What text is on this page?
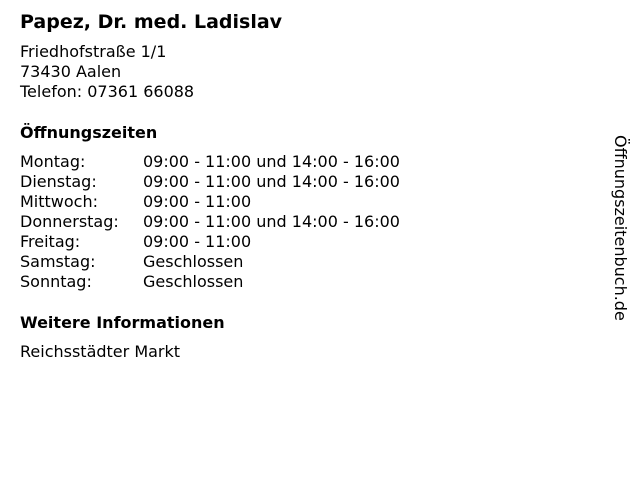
Papez, Dr. med. Ladislav
Friedhofstraße 1/1
73430 Aalen
Telefon: 07361 66088
Öffnungszeiten
Montag:	09:00 - 11:00 und 14:00 - 16:00
Dienstag:	09:00 - 11:00 und 14:00 - 16:00
Mittwoch:	09:00 - 11:00
Donnerstag:	09:00 - 11:00 und 14:00 - 16:00
Freitag:	09:00 - 11:00
Samstag:	Geschlossen
Sonntag:	Geschlossen
Weitere Informationen
Reichsstädter Markt
Öffnungszeitenbuch.de
